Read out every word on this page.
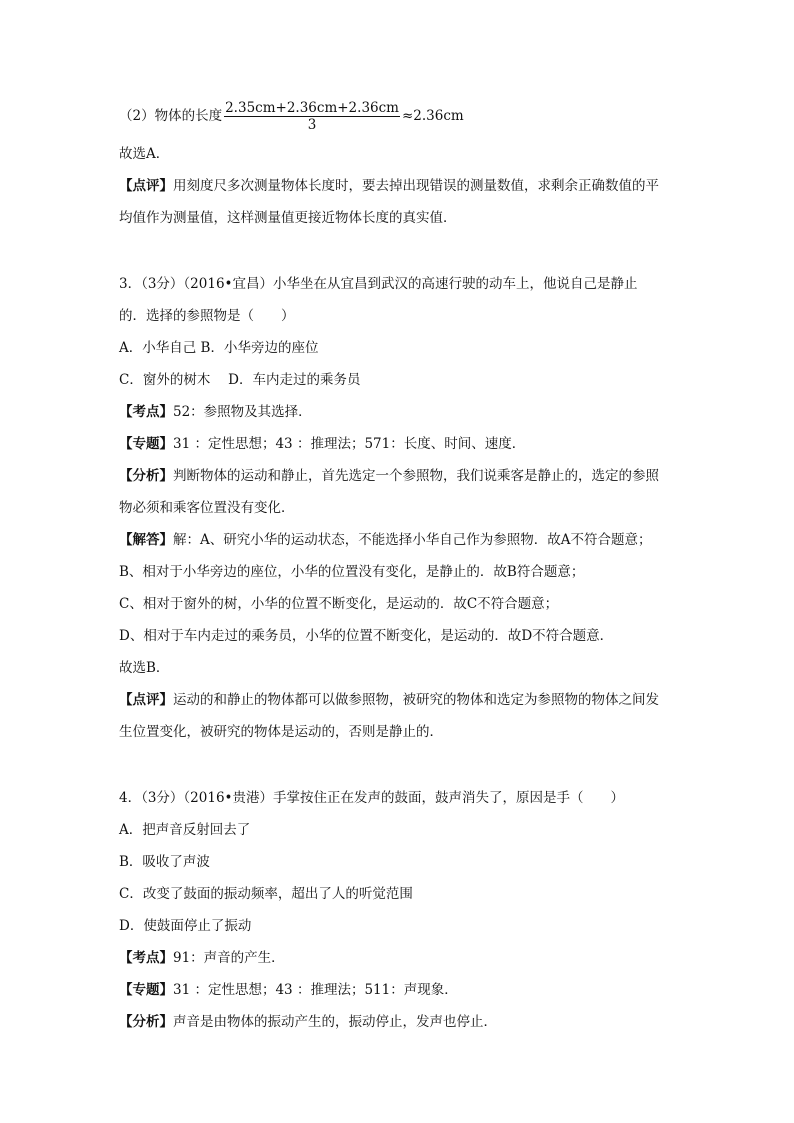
（2）物体的长度 $\frac{2.35cm+2.36cm+2.36cm}{3} \approx 2.36cm$
故选A．
【点评】用刻度尺多次测量物体长度时，要去掉出现错误的测量数值，求剩余正确数值的平
均值作为测量值，这样测量值更接近物体长度的真实值．
3．（3分）（2016•宜昌）小华坐在从宜昌到武汉的高速行驶的动车上，他说自己是静止
的．选择的参照物是（　　）
A．小华自己 B．小华旁边的座位
C．窗外的树木　 D．车内走过的乘务员
【考点】52：参照物及其选择．
【专题】31 ：定性思想；43 ：推理法；571：长度、时间、速度．
【分析】判断物体的运动和静止，首先选定一个参照物，我们说乘客是静止的，选定的参照
物必须和乘客位置没有变化．
【解答】解：A、研究小华的运动状态，不能选择小华自己作为参照物．故A不符合题意；
B、相对于小华旁边的座位，小华的位置没有变化，是静止的．故B符合题意；
C、相对于窗外的树，小华的位置不断变化，是运动的．故C不符合题意；
D、相对于车内走过的乘务员，小华的位置不断变化，是运动的．故D不符合题意．
故选B．
【点评】运动的和静止的物体都可以做参照物，被研究的物体和选定为参照物的物体之间发
生位置变化，被研究的物体是运动的，否则是静止的．
4．（3分）（2016•贵港）手掌按住正在发声的鼓面，鼓声消失了，原因是手（　　）
A．把声音反射回去了
B．吸收了声波
C．改变了鼓面的振动频率，超出了人的听觉范围
D．使鼓面停止了振动
【考点】91：声音的产生．
【专题】31 ：定性思想；43 ：推理法；511：声现象．
【分析】声音是由物体的振动产生的，振动停止，发声也停止．
